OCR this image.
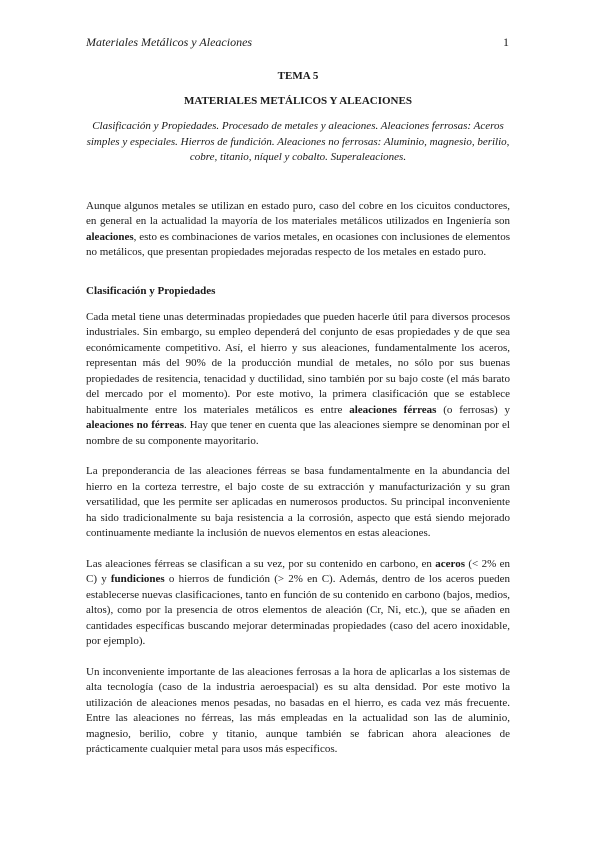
Materiales Metálicos y Aleaciones	1
TEMA 5
MATERIALES METÁLICOS Y ALEACIONES
Clasificación y Propiedades. Procesado de metales y aleaciones. Aleaciones ferrosas: Aceros simples y especiales. Hierros de fundición. Aleaciones no ferrosas: Aluminio, magnesio, berilio, cobre, titanio, níquel y cobalto. Superaleaciones.

Aunque algunos metales se utilizan en estado puro, caso del cobre en los cicuitos conductores, en general en la actualidad la mayoría de los materiales metálicos utilizados en Ingeniería son aleaciones, esto es combinaciones de varios metales, en ocasiones con inclusiones de elementos no metálicos, que presentan propiedades mejoradas respecto de los metales en estado puro.

Clasificación y Propiedades

Cada metal tiene unas determinadas propiedades que pueden hacerle útil para diversos procesos industriales. Sin embargo, su empleo dependerá del conjunto de esas propiedades y de que sea económicamente competitivo. Así, el hierro y sus aleaciones, fundamentalmente los aceros, representan más del 90% de la producción mundial de metales, no sólo por sus buenas propiedades de resitencia, tenacidad y ductilidad, sino también por su bajo coste (el más barato del mercado por el momento). Por este motivo, la primera clasificación que se establece habitualmente entre los materiales metálicos es entre aleaciones férreas (o ferrosas) y aleaciones no férreas. Hay que tener en cuenta que las aleaciones siempre se denominan por el nombre de su componente mayoritario.

La preponderancia de las aleaciones férreas se basa fundamentalmente en la abundancia del hierro en la corteza terrestre, el bajo coste de su extracción y manufacturización y su gran versatilidad, que les permite ser aplicadas en numerosos productos. Su principal inconveniente ha sido tradicionalmente su baja resistencia a la corrosión, aspecto que está siendo mejorado continuamente mediante la inclusión de nuevos elementos en estas aleaciones.

Las aleaciones férreas se clasifican a su vez, por su contenido en carbono, en aceros (< 2% en C) y fundiciones o hierros de fundición (> 2% en C). Además, dentro de los aceros pueden establecerse nuevas clasificaciones, tanto en función de su contenido en carbono (bajos, medios, altos), como por la presencia de otros elementos de aleación (Cr, Ni, etc.), que se añaden en cantidades específicas buscando mejorar determinadas propiedades (caso del acero inoxidable, por ejemplo).

Un inconveniente importante de las aleaciones ferrosas a la hora de aplicarlas a los sistemas de alta tecnología (caso de la industria aeroespacial) es su alta densidad. Por este motivo la utilización de aleaciones menos pesadas, no basadas en el hierro, es cada vez más frecuente. Entre las aleaciones no férreas, las más empleadas en la actualidad son las de aluminio, magnesio, berilio, cobre y titanio, aunque también se fabrican ahora aleaciones de prácticamente cualquier metal para usos más específicos.
